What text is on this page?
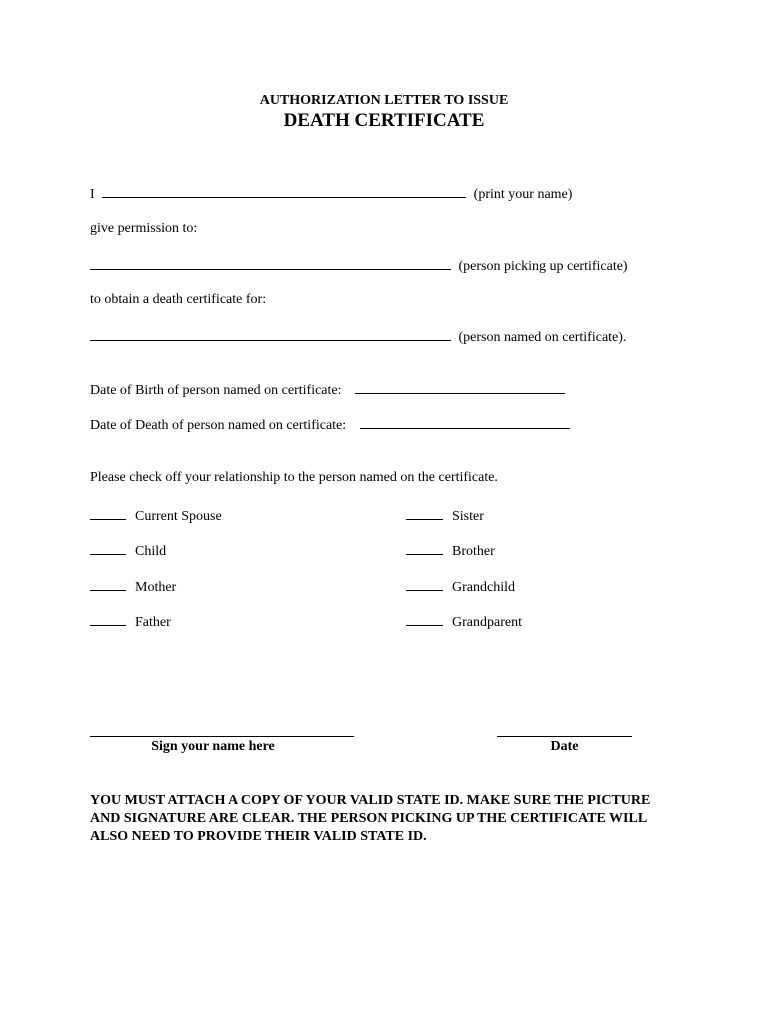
AUTHORIZATION LETTER TO ISSUE
DEATH CERTIFICATE
I	(print your name)
give permission to:
(person picking up certificate)
to obtain a death certificate for:
(person named on certificate).
Date of Birth of person named on certificate:
Date of Death of person named on certificate:
Please check off your relationship to the person named on the certificate.
Current Spouse
Child
Mother
Father
Sister
Brother
Grandchild
Grandparent
Sign your name here	Date
YOU MUST ATTACH A COPY OF YOUR VALID STATE ID. MAKE SURE THE PICTURE AND SIGNATURE ARE CLEAR. THE PERSON PICKING UP THE CERTIFICATE WILL ALSO NEED TO PROVIDE THEIR VALID STATE ID.
